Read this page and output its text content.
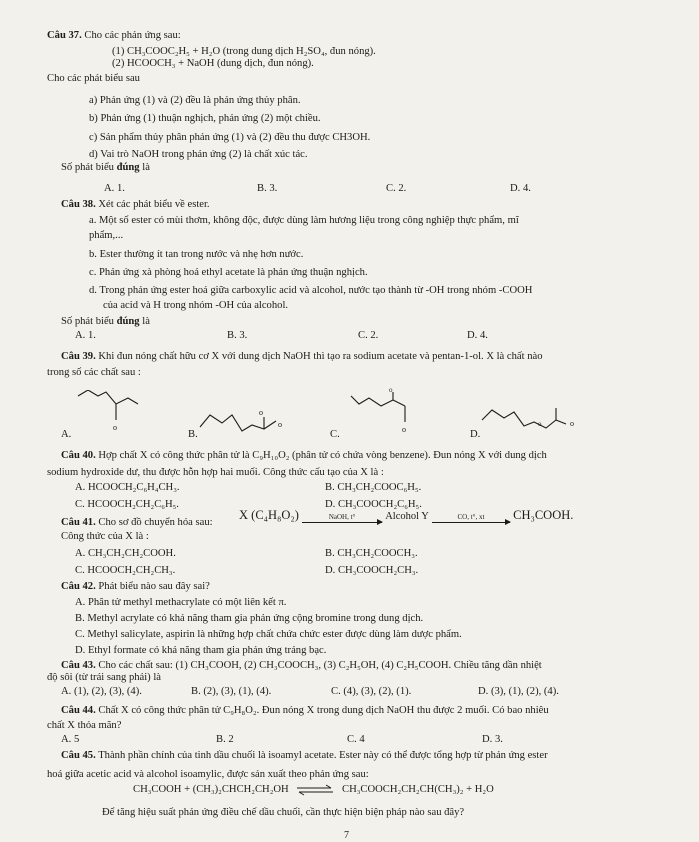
Câu 37. Cho các phản ứng sau:
(1) CH₃COOC₂H₅ + H₂O (trong dung dịch H₂SO₄, đun nóng).
(2) HCOOCH₃ + NaOH (dung dịch, đun nóng).
Cho các phát biểu sau
a) Phản ứng (1) và (2) đều là phản ứng thủy phân.
b) Phản ứng (1) thuận nghịch, phản ứng (2) một chiều.
c) Sản phẩm thủy phân phản ứng (1) và (2) đều thu được CH3OH.
d) Vai trò NaOH trong phản ứng (2) là chất xúc tác.
Số phát biểu đúng là
A. 1.	B. 3.	C. 2.	D. 4.
Câu 38. Xét các phát biểu về ester.
a. Một số ester có mùi thơm, không độc, được dùng làm hương liệu trong công nghiệp thực phẩm, mĩ
phẩm,...
b. Ester thường ít tan trong nước và nhẹ hơn nước.
c. Phản ứng xà phòng hoá ethyl acetate là phản ứng thuận nghịch.
d. Trong phản ứng ester hoá giữa carboxylic acid và alcohol, nước tạo thành từ -OH trong nhóm -COOH
của acid và H trong nhóm -OH của alcohol.
Số phát biểu đúng là
A. 1.	B. 3.	C. 2.	D. 4.
Câu 39. Khi đun nóng chất hữu cơ X với dung dịch NaOH thì tạo ra sodium acetate và pentan-1-ol. X là chất nào
trong số các chất sau :
A.
o
B.
o
o
C.
o
o	D.
o	o
Câu 40. Hợp chất X có công thức phân tử là C₉H₁₀O₂ (phân tử có chứa vòng benzene). Đun nóng X với dung dịch
sodium hydroxide dư, thu được hỗn hợp hai muối. Công thức cấu tạo của X là :
A. HCOOCH₂C₆H₄CH₃.	B. CH₃CH₂COOC₆H₅.
C. HCOOCH₂CH₂C₆H₅.	D. CH₃COOCH₂C₆H₅.
Câu 41. Cho sơ đồ chuyển hóa sau:
X (C₄H₈O₂)	NaOH, t°	Alcohol Y	CO, t°, xt	CH₃COOH.
Công thức của X là :
A. CH₃CH₂CH₂COOH.	B. CH₃CH₂COOCH₃.
C. HCOOCH₂CH₂CH₃.	D. CH₃COOCH₂CH₃.
Câu 42. Phát biểu nào sau đây sai?
A. Phân tử methyl methacrylate có một liên kết π.
B. Methyl acrylate có khả năng tham gia phản ứng cộng bromine trong dung dịch.
C. Methyl salicylate, aspirin là những hợp chất chứa chức ester được dùng làm dược phẩm.
D. Ethyl formate có khả năng tham gia phản ứng tráng bạc.
Câu 43. Cho các chất sau: (1) CH₃COOH, (2) CH₃COOCH₃, (3) C₂H₅OH, (4) C₂H₅COOH. Chiều tăng dần nhiệt
độ sôi (từ trái sang phải) là
A. (1), (2), (3), (4).	B. (2), (3), (1), (4).	C. (4), (3), (2), (1).	D. (3), (1), (2), (4).
Câu 44. Chất X có công thức phân tử C₉H₈O₂. Đun nóng X trong dung dịch NaOH thu được 2 muối. Có bao nhiêu
chất X thỏa mãn?
A. 5	B. 2	C. 4	D. 3.
Câu 45. Thành phần chính của tinh dầu chuối là isoamyl acetate. Ester này có thể được tổng hợp từ phản ứng ester
hoá giữa acetic acid và alcohol isoamylic, được sản xuất theo phản ứng sau:
CH₃COOH + (CH₃)₂CHCH₂CH₂OH ⇌ CH₃COOCH₂CH₂CH(CH₃)₂ + H₂O
Để tăng hiệu suất phản ứng điều chế dầu chuối, cần thực hiện biện pháp nào sau đây?
7
